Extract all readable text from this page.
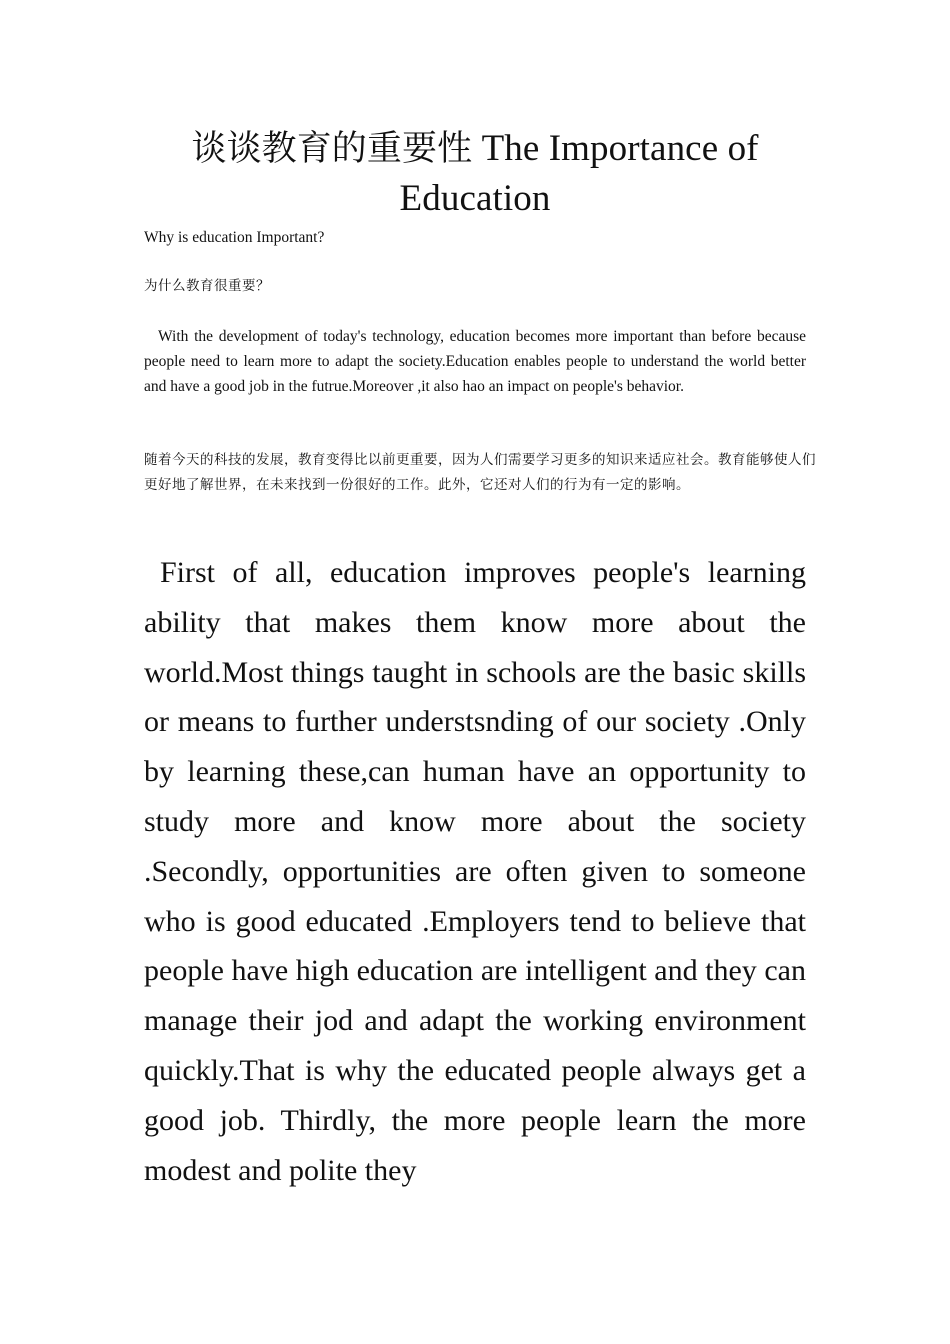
谈谈教育的重要性 The Importance of Education

Why is education Important?

为什么教育很重要？

With the development of today's technology, education becomes more important than before because people need to learn more to adapt the society.Education enables people to understand the world better and have a good job in the futrue.Moreover ,it also hao an impact on people's behavior.

随着今天的科技的发展，教育变得比以前更重要，因为人们需要学习更多的知识来适应社会。教育能够使人们更好地了解世界，在未来找到一份很好的工作。此外，它还对人们的行为有一定的影响。

First of all, education improves people's learning ability that makes them know more about the world.Most things taught in schools are the basic skills or means to further understsnding of our society .Only by learning these,can human have an opportunity to study more and know more about the society .Secondly, opportunities are often given to someone who is good educated .Employers tend to believe that people have high education are intelligent and they can manage their jod and adapt the working environment quickly.That is why the educated people always get a good job. Thirdly, the more people learn the more modest and polite they
